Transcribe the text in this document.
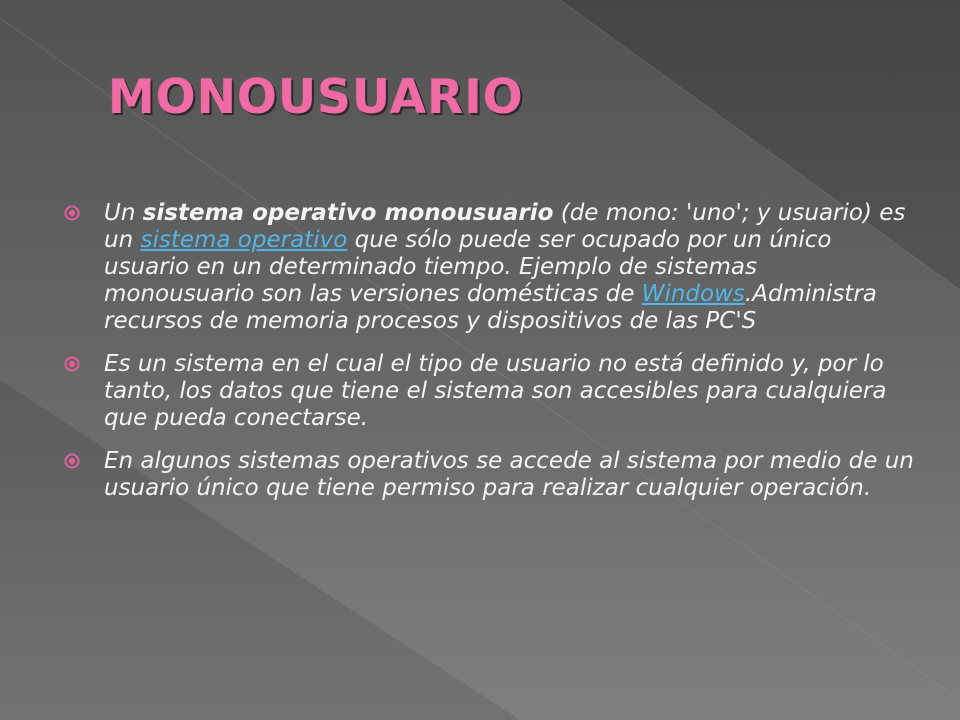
MONOUSUARIO
Un sistema operativo monousuario (de mono: 'uno'; y usuario) es un sistema operativo que sólo puede ser ocupado por un único usuario en un determinado tiempo. Ejemplo de sistemas monousuario son las versiones domésticas de Windows.Administra recursos de memoria procesos y dispositivos de las PC'S
Es un sistema en el cual el tipo de usuario no está definido y, por lo tanto, los datos que tiene el sistema son accesibles para cualquiera que pueda conectarse.
En algunos sistemas operativos se accede al sistema por medio de un usuario único que tiene permiso para realizar cualquier operación.
